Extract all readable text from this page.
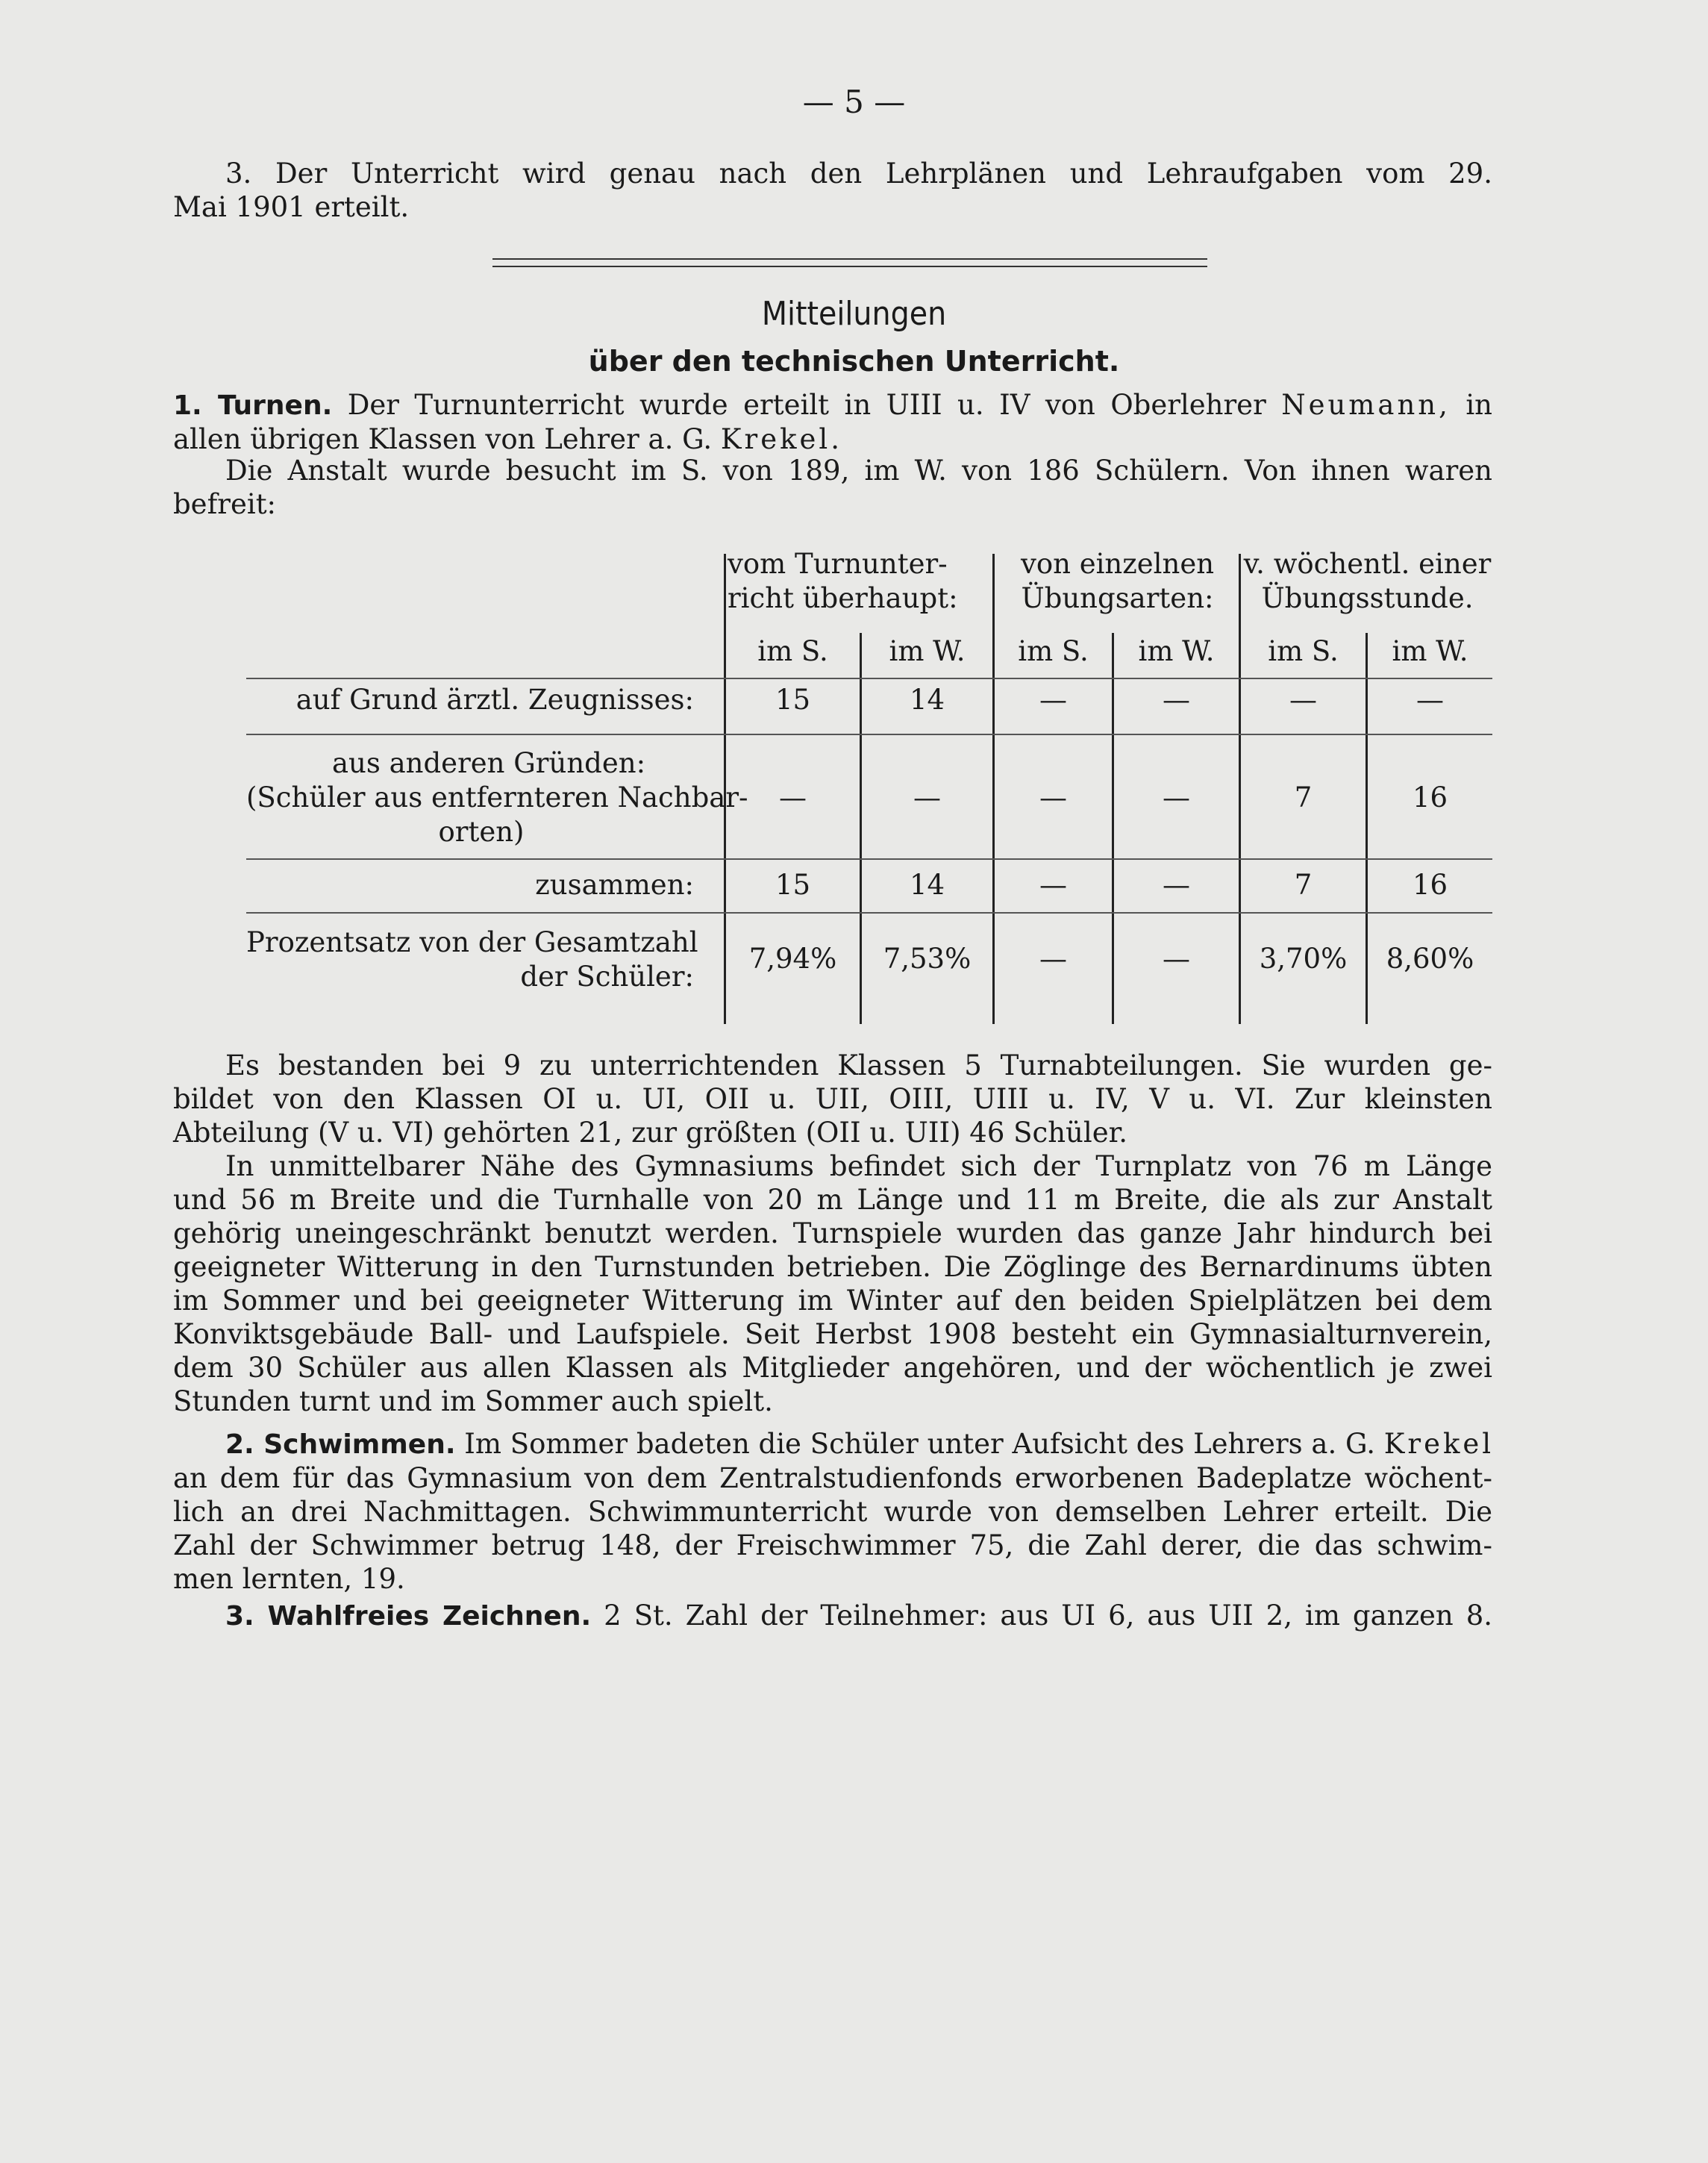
— 5 —
3. Der Unterricht wird genau nach den Lehrplänen und Lehraufgaben vom 29.
Mai 1901 erteilt.
Mitteilungen
über den technischen Unterricht.
1. Turnen. Der Turnunterricht wurde erteilt in UIII u. IV von Oberlehrer Neumann, in
allen übrigen Klassen von Lehrer a. G. Krekel.
Die Anstalt wurde besucht im S. von 189, im W. von 186 Schülern. Von ihnen waren
befreit:
vom Turnunter-
richt überhaupt:
von einzelnen
Übungsarten:
v. wöchentl. einer
Übungsstunde.
im S.	im W.	im S.	im W.	im S.	im W.
auf Grund ärztl. Zeugnisses:	15	14	—	—	—	—
aus anderen Gründen:
(Schüler aus entfernteren Nachbar-
orten)
—	—	—	—	7	16
zusammen:	15	14	—	—	7	16
Prozentsatz von der Gesamtzahl
der Schüler:
7,94%	7,53%	—	—	3,70%	8,60%
Es bestanden bei 9 zu unterrichtenden Klassen 5 Turnabteilungen. Sie wurden ge-
bildet von den Klassen OI u. UI, OII u. UII, OIII, UIII u. IV, V u. VI. Zur kleinsten
Abteilung (V u. VI) gehörten 21, zur größten (OII u. UII) 46 Schüler.
In unmittelbarer Nähe des Gymnasiums befindet sich der Turnplatz von 76 m Länge
und 56 m Breite und die Turnhalle von 20 m Länge und 11 m Breite, die als zur Anstalt
gehörig uneingeschränkt benutzt werden. Turnspiele wurden das ganze Jahr hindurch bei
geeigneter Witterung in den Turnstunden betrieben. Die Zöglinge des Bernardinums übten
im Sommer und bei geeigneter Witterung im Winter auf den beiden Spielplätzen bei dem
Konviktsgebäude Ball- und Laufspiele. Seit Herbst 1908 besteht ein Gymnasialturnverein,
dem 30 Schüler aus allen Klassen als Mitglieder angehören, und der wöchentlich je zwei
Stunden turnt und im Sommer auch spielt.
2. Schwimmen. Im Sommer badeten die Schüler unter Aufsicht des Lehrers a. G. Krekel
an dem für das Gymnasium von dem Zentralstudienfonds erworbenen Badeplatze wöchent-
lich an drei Nachmittagen. Schwimmunterricht wurde von demselben Lehrer erteilt. Die
Zahl der Schwimmer betrug 148, der Freischwimmer 75, die Zahl derer, die das schwim-
men lernten, 19.
3. Wahlfreies Zeichnen. 2 St. Zahl der Teilnehmer: aus UI 6, aus UII 2, im ganzen 8.
